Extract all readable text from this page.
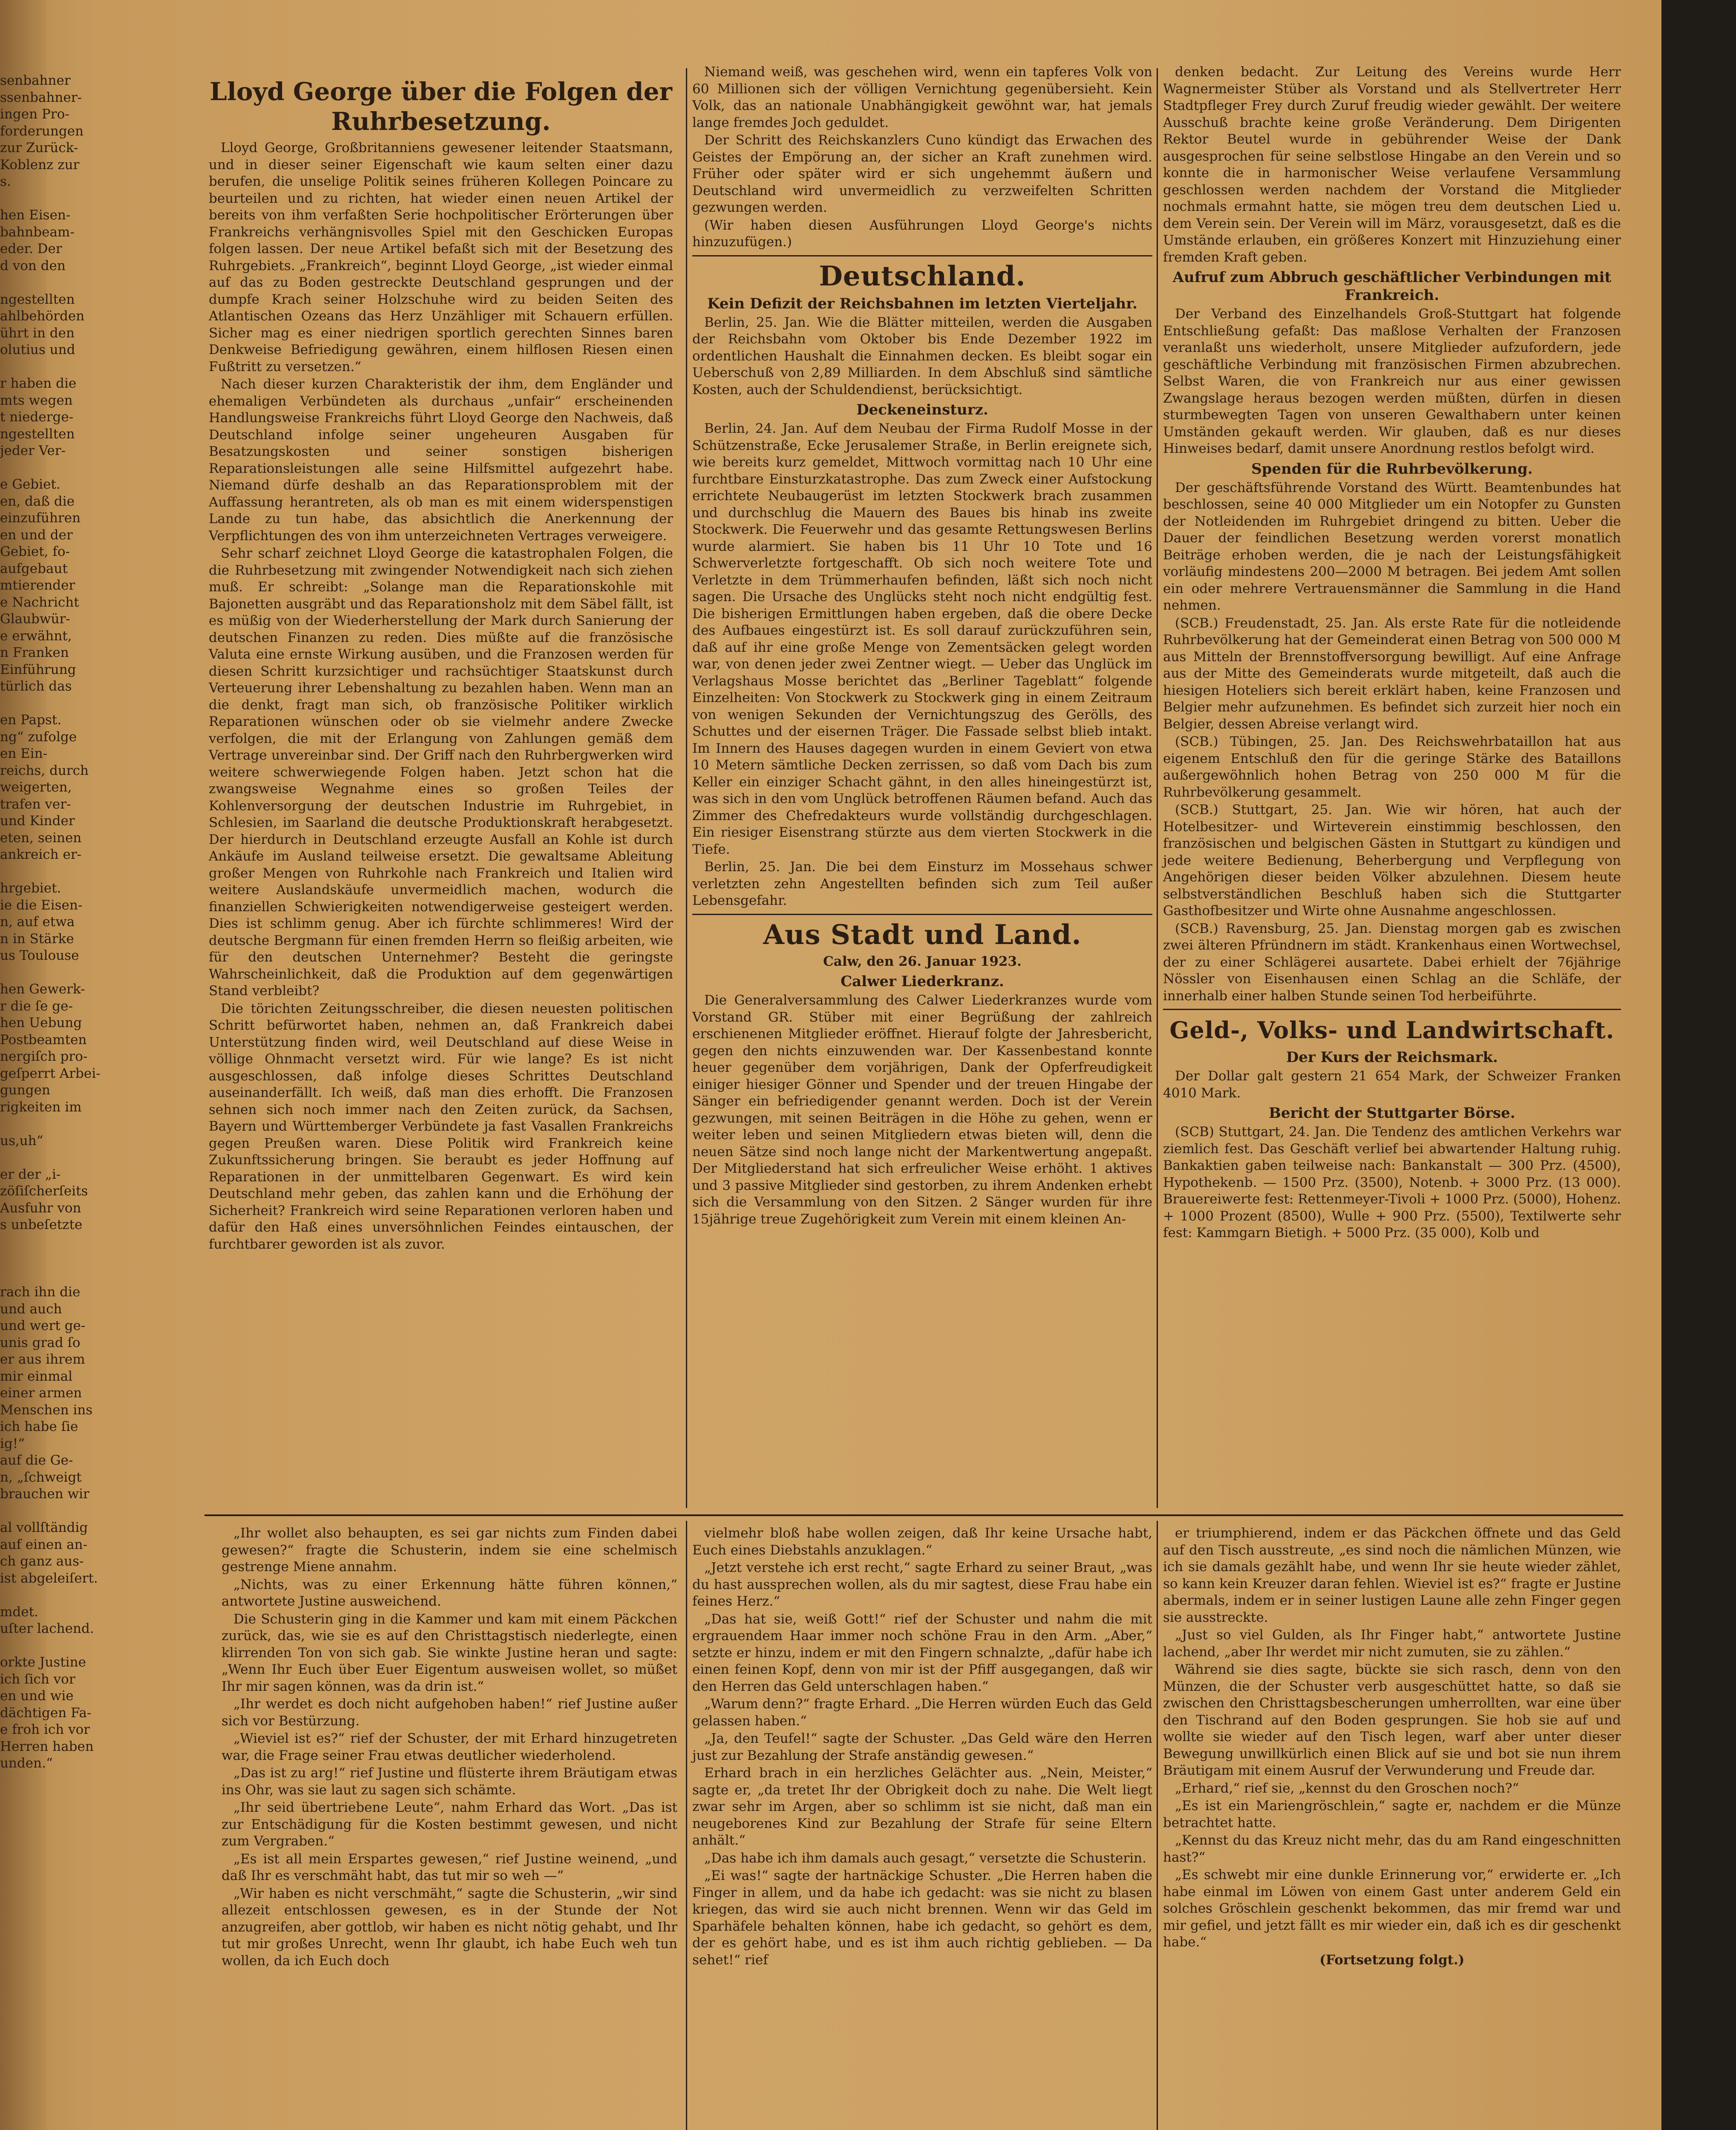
senbahner
ssenbahner-
ingen Pro-
forderungen
zur Zurück-
Koblenz zur
s.

hen Eisen-
bahnbeam-
eder. Der
d von den

ngestellten
ahlbehörden
ührt in den
olutius und

r haben die
mts wegen
t niederge-
ngestellten
jeder Ver-

e Gebiet.
en, daß die
einzuführen
en und der
Gebiet, fo-
aufgebaut
mtierender
e Nachricht
Glaubwür-
e erwähnt,
n Franken
Einführung
türlich das

en Papst.
ng“ zufolge
en Ein-
reichs, durch
weigerten,
trafen ver-
und Kinder
eten, seinen
ankreich er-

hrgebiet.
ie die Eisen-
n, auf etwa
n in Stärke
us Toulouse

hen Gewerk-
r die ſe ge-
hen Uebung
Postbeamten
nergiſch pro-
geſperrt Arbei-
gungen
rigkeiten im

us,uh“

er der „i-
zöſiſcherſeits
Ausfuhr von
s unbeſetzte

rach ihn die
und auch
und wert ge-
unis grad ſo
er aus ihrem
mir einmal
einer armen
Menschen ins
ich habe ſie
ig!“
auf die Ge-
n, „ſchweigt
brauchen wir

al vollſtändig
auf einen an-
ch ganz aus-
ist abgeleiſert.

mdet.
uſter lachend.

orkte Justine
ich ſich vor
en und wie
dächtigen Fa-
e froh ich vor
Herren haben
unden.“
Lloyd George über die Folgen der Ruhrbesetzung.

Lloyd George, Großbritanniens gewesener leitender Staatsmann, und in dieser seiner Eigenschaft wie kaum selten einer dazu berufen, die unselige Politik seines früheren Kollegen Poincare zu beurteilen und zu richten, hat wieder einen neuen Artikel der bereits von ihm verfaßten Serie hochpolitischer Erörterungen über Frankreichs verhängnisvolles Spiel mit den Geschicken Europas folgen lassen. Der neue Artikel befaßt sich mit der Besetzung des Ruhrgebiets. „Frankreich“, beginnt Lloyd George, „ist wieder einmal auf das zu Boden gestreckte Deutschland gesprungen und der dumpfe Krach seiner Holzschuhe wird zu beiden Seiten des Atlantischen Ozeans das Herz Unzähliger mit Schauern erfüllen. Sicher mag es einer niedrigen sportlich gerechten Sinnes baren Denkweise Befriedigung gewähren, einem hilflosen Riesen einen Fußtritt zu versetzen.“

Nach dieser kurzen Charakteristik der ihm, dem Engländer und ehemaligen Verbündeten als durchaus „unfair“ erscheinenden Handlungsweise Frankreichs führt Lloyd George den Nachweis, daß Deutschland infolge seiner ungeheuren Ausgaben für Besatzungskosten und seiner sonstigen bisherigen Reparationsleistungen alle seine Hilfsmittel aufgezehrt habe. Niemand dürfe deshalb an das Reparationsproblem mit der Auffassung herantreten, als ob man es mit einem widerspenstigen Lande zu tun habe, das absichtlich die Anerkennung der Verpflichtungen des von ihm unterzeichneten Vertrages verweigere.

Sehr scharf zeichnet Lloyd George die katastrophalen Folgen, die die Ruhrbesetzung mit zwingender Notwendigkeit nach sich ziehen muß. Er schreibt: „Solange man die Reparationskohle mit Bajonetten ausgräbt und das Reparationsholz mit dem Säbel fällt, ist es müßig von der Wiederherstellung der Mark durch Sanierung der deutschen Finanzen zu reden. Dies müßte auf die französische Valuta eine ernste Wirkung ausüben, und die Franzosen werden für diesen Schritt kurzsichtiger und rachsüchtiger Staatskunst durch Verteuerung ihrer Lebenshaltung zu bezahlen haben. Wenn man an die denkt, fragt man sich, ob französische Politiker wirklich Reparationen wünschen oder ob sie vielmehr andere Zwecke verfolgen, die mit der Erlangung von Zahlungen gemäß dem Vertrage unvereinbar sind. Der Griff nach den Ruhrbergwerken wird weitere schwerwiegende Folgen haben. Jetzt schon hat die zwangsweise Wegnahme eines so großen Teiles der Kohlenversorgung der deutschen Industrie im Ruhrgebiet, in Schlesien, im Saarland die deutsche Produktionskraft herabgesetzt. Der hierdurch in Deutschland erzeugte Ausfall an Kohle ist durch Ankäufe im Ausland teilweise ersetzt. Die gewaltsame Ableitung großer Mengen von Ruhrkohle nach Frankreich und Italien wird weitere Auslandskäufe unvermeidlich machen, wodurch die finanziellen Schwierigkeiten notwendigerweise gesteigert werden. Dies ist schlimm genug. Aber ich fürchte schlimmeres! Wird der deutsche Bergmann für einen fremden Herrn so fleißig arbeiten, wie für den deutschen Unternehmer? Besteht die geringste Wahrscheinlichkeit, daß die Produktion auf dem gegenwärtigen Stand verbleibt?

Die törichten Zeitungsschreiber, die diesen neuesten politischen Schritt befürwortet haben, nehmen an, daß Frankreich dabei Unterstützung finden wird, weil Deutschland auf diese Weise in völlige Ohnmacht versetzt wird. Für wie lange? Es ist nicht ausgeschlossen, daß infolge dieses Schrittes Deutschland auseinanderfällt. Ich weiß, daß man dies erhofft. Die Franzosen sehnen sich noch immer nach den Zeiten zurück, da Sachsen, Bayern und Württemberger Verbündete ja fast Vasallen Frankreichs gegen Preußen waren. Diese Politik wird Frankreich keine Zukunftssicherung bringen. Sie beraubt es jeder Hoffnung auf Reparationen in der unmittelbaren Gegenwart. Es wird kein Deutschland mehr geben, das zahlen kann und die Erhöhung der Sicherheit? Frankreich wird seine Reparationen verloren haben und dafür den Haß eines unversöhnlichen Feindes eintauschen, der furchtbarer geworden ist als zuvor.

Niemand weiß, was geschehen wird, wenn ein tapferes Volk von 60 Millionen sich der völligen Vernichtung gegenübersieht. Kein Volk, das an nationale Unabhängigkeit gewöhnt war, hat jemals lange fremdes Joch geduldet.

Der Schritt des Reichskanzlers Cuno kündigt das Erwachen des Geistes der Empörung an, der sicher an Kraft zunehmen wird. Früher oder später wird er sich ungehemmt äußern und Deutschland wird unvermeidlich zu verzweifelten Schritten gezwungen werden.

(Wir haben diesen Ausführungen Lloyd George's nichts hinzuzufügen.)

Deutschland.
Kein Defizit der Reichsbahnen im letzten Vierteljahr.

Berlin, 25. Jan. Wie die Blätter mitteilen, werden die Ausgaben der Reichsbahn vom Oktober bis Ende Dezember 1922 im ordentlichen Haushalt die Einnahmen decken. Es bleibt sogar ein Ueberschuß von 2,89 Milliarden. In dem Abschluß sind sämtliche Kosten, auch der Schuldendienst, berücksichtigt.

Deckeneinsturz.

Berlin, 24. Jan. Auf dem Neubau der Firma Rudolf Mosse in der Schützenstraße, Ecke Jerusalemer Straße, in Berlin ereignete sich, wie bereits kurz gemeldet, Mittwoch vormittag nach 10 Uhr eine furchtbare Einsturzkatastrophe. Das zum Zweck einer Aufstockung errichtete Neubaugerüst im letzten Stockwerk brach zusammen und durchschlug die Mauern des Baues bis hinab ins zweite Stockwerk. Die Feuerwehr und das gesamte Rettungswesen Berlins wurde alarmiert. Sie haben bis 11 Uhr 10 Tote und 16 Schwerverletzte fortgeschafft. Ob sich noch weitere Tote und Verletzte in dem Trümmerhaufen befinden, läßt sich noch nicht sagen. Die Ursache des Unglücks steht noch nicht endgültig fest. Die bisherigen Ermittlungen haben ergeben, daß die obere Decke des Aufbaues eingestürzt ist. Es soll darauf zurückzuführen sein, daß auf ihr eine große Menge von Zementsäcken gelegt worden war, von denen jeder zwei Zentner wiegt. — Ueber das Unglück im Verlagshaus Mosse berichtet das „Berliner Tageblatt“ folgende Einzelheiten: Von Stockwerk zu Stockwerk ging in einem Zeitraum von wenigen Sekunden der Vernichtungszug des Gerölls, des Schuttes und der eisernen Träger. Die Fassade selbst blieb intakt. Im Innern des Hauses dagegen wurden in einem Geviert von etwa 10 Metern sämtliche Decken zerrissen, so daß vom Dach bis zum Keller ein einziger Schacht gähnt, in den alles hineingestürzt ist, was sich in den vom Unglück betroffenen Räumen befand. Auch das Zimmer des Chefredakteurs wurde vollständig durchgeschlagen. Ein riesiger Eisenstrang stürzte aus dem vierten Stockwerk in die Tiefe.

Berlin, 25. Jan. Die bei dem Einsturz im Mossehaus schwer verletzten zehn Angestellten befinden sich zum Teil außer Lebensgefahr.

Aus Stadt und Land.

Calw, den 26. Januar 1923.

Calwer Liederkranz.

Die Generalversammlung des Calwer Liederkranzes wurde vom Vorstand GR. Stüber mit einer Begrüßung der zahlreich erschienenen Mitglieder eröffnet. Hierauf folgte der Jahresbericht, gegen den nichts einzuwenden war. Der Kassenbestand konnte heuer gegenüber dem vorjährigen, Dank der Opferfreudigkeit einiger hiesiger Gönner und Spender und der treuen Hingabe der Sänger ein befriedigender genannt werden. Doch ist der Verein gezwungen, mit seinen Beiträgen in die Höhe zu gehen, wenn er weiter leben und seinen Mitgliedern etwas bieten will, denn die neuen Sätze sind noch lange nicht der Markentwertung angepaßt. Der Mitgliederstand hat sich erfreulicher Weise erhöht. 1 aktives und 3 passive Mitglieder sind gestorben, zu ihrem Andenken erhebt sich die Versammlung von den Sitzen. 2 Sänger wurden für ihre 15jährige treue Zugehörigkeit zum Verein mit einem kleinen An-

denken bedacht. Zur Leitung des Vereins wurde Herr Wagnermeister Stüber als Vorstand und als Stellvertreter Herr Stadtpfleger Frey durch Zuruf freudig wieder gewählt. Der weitere Ausschuß brachte keine große Veränderung. Dem Dirigenten Rektor Beutel wurde in gebührender Weise der Dank ausgesprochen für seine selbstlose Hingabe an den Verein und so konnte die in harmonischer Weise verlaufene Versammlung geschlossen werden nachdem der Vorstand die Mitglieder nochmals ermahnt hatte, sie mögen treu dem deutschen Lied u. dem Verein sein. Der Verein will im März, vorausgesetzt, daß es die Umstände erlauben, ein größeres Konzert mit Hinzuziehung einer fremden Kraft geben.

Aufruf zum Abbruch geschäftlicher Verbindungen mit Frankreich.

Der Verband des Einzelhandels Groß-Stuttgart hat folgende Entschließung gefaßt: Das maßlose Verhalten der Franzosen veranlaßt uns wiederholt, unsere Mitglieder aufzufordern, jede geschäftliche Verbindung mit französischen Firmen abzubrechen. Selbst Waren, die von Frankreich nur aus einer gewissen Zwangslage heraus bezogen werden müßten, dürfen in diesen sturmbewegten Tagen von unseren Gewalthabern unter keinen Umständen gekauft werden. Wir glauben, daß es nur dieses Hinweises bedarf, damit unsere Anordnung restlos befolgt wird.

Spenden für die Ruhrbevölkerung.

Der geschäftsführende Vorstand des Württ. Beamtenbundes hat beschlossen, seine 40 000 Mitglieder um ein Notopfer zu Gunsten der Notleidenden im Ruhrgebiet dringend zu bitten. Ueber die Dauer der feindlichen Besetzung werden vorerst monatlich Beiträge erhoben werden, die je nach der Leistungsfähigkeit vorläufig mindestens 200—2000 M betragen. Bei jedem Amt sollen ein oder mehrere Vertrauensmänner die Sammlung in die Hand nehmen.

(SCB.) Freudenstadt, 25. Jan. Als erste Rate für die notleidende Ruhrbevölkerung hat der Gemeinderat einen Betrag von 500 000 M aus Mitteln der Brennstoffversorgung bewilligt. Auf eine Anfrage aus der Mitte des Gemeinderats wurde mitgeteilt, daß auch die hiesigen Hoteliers sich bereit erklärt haben, keine Franzosen und Belgier mehr aufzunehmen. Es befindet sich zurzeit hier noch ein Belgier, dessen Abreise verlangt wird.

(SCB.) Tübingen, 25. Jan. Des Reichswehrbataillon hat aus eigenem Entschluß den für die geringe Stärke des Bataillons außergewöhnlich hohen Betrag von 250 000 M für die Ruhrbevölkerung gesammelt.

(SCB.) Stuttgart, 25. Jan. Wie wir hören, hat auch der Hotelbesitzer- und Wirteverein einstimmig beschlossen, den französischen und belgischen Gästen in Stuttgart zu kündigen und jede weitere Bedienung, Beherbergung und Verpflegung von Angehörigen dieser beiden Völker abzulehnen. Diesem heute selbstverständlichen Beschluß haben sich die Stuttgarter Gasthofbesitzer und Wirte ohne Ausnahme angeschlossen.

(SCB.) Ravensburg, 25. Jan. Dienstag morgen gab es zwischen zwei älteren Pfründnern im städt. Krankenhaus einen Wortwechsel, der zu einer Schlägerei ausartete. Dabei erhielt der 76jährige Nössler von Eisenhausen einen Schlag an die Schläfe, der innerhalb einer halben Stunde seinen Tod herbeiführte.

Geld-, Volks- und Landwirtschaft.
Der Kurs der Reichsmark.

Der Dollar galt gestern 21 654 Mark, der Schweizer Franken 4010 Mark.

Bericht der Stuttgarter Börse.

(SCB) Stuttgart, 24. Jan. Die Tendenz des amtlichen Verkehrs war ziemlich fest. Das Geschäft verlief bei abwartender Haltung ruhig. Bankaktien gaben teilweise nach: Bankanstalt — 300 Prz. (4500), Hypothekenb. — 1500 Prz. (3500), Notenb. + 3000 Prz. (13 000). Brauereiwerte fest: Rettenmeyer-Tivoli + 1000 Prz. (5000), Hohenz. + 1000 Prozent (8500), Wulle + 900 Prz. (5500), Textilwerte sehr fest: Kammgarn Bietigh. + 5000 Prz. (35 000), Kolb und

„Ihr wollet also behaupten, es sei gar nichts zum Finden dabei gewesen?“ fragte die Schusterin, indem sie eine schelmisch gestrenge Miene annahm.

„Nichts, was zu einer Erkennung hätte führen können,“ antwortete Justine ausweichend.

Die Schusterin ging in die Kammer und kam mit einem Päckchen zurück, das, wie sie es auf den Christtagstisch niederlegte, einen klirrenden Ton von sich gab. Sie winkte Justine heran und sagte: „Wenn Ihr Euch über Euer Eigentum ausweisen wollet, so müßet Ihr mir sagen können, was da drin ist.“

„Ihr werdet es doch nicht aufgehoben haben!“ rief Justine außer sich vor Bestürzung.

„Wieviel ist es?“ rief der Schuster, der mit Erhard hinzugetreten war, die Frage seiner Frau etwas deutlicher wiederholend.

„Das ist zu arg!“ rief Justine und flüsterte ihrem Bräutigam etwas ins Ohr, was sie laut zu sagen sich schämte.

„Ihr seid übertriebene Leute“, nahm Erhard das Wort. „Das ist zur Entschädigung für die Kosten bestimmt gewesen, und nicht zum Vergraben.“

„Es ist all mein Erspartes gewesen,“ rief Justine weinend, „und daß Ihr es verschmäht habt, das tut mir so weh —“

„Wir haben es nicht verschmäht,“ sagte die Schusterin, „wir sind allezeit entschlossen gewesen, es in der Stunde der Not anzugreifen, aber gottlob, wir haben es nicht nötig gehabt, und Ihr tut mir großes Unrecht, wenn Ihr glaubt, ich habe Euch weh tun wollen, da ich Euch doch

vielmehr bloß habe wollen zeigen, daß Ihr keine Ursache habt, Euch eines Diebstahls anzuklagen.“

„Jetzt verstehe ich erst recht,“ sagte Erhard zu seiner Braut, „was du hast aussprechen wollen, als du mir sagtest, diese Frau habe ein feines Herz.“

„Das hat sie, weiß Gott!“ rief der Schuster und nahm die mit ergrauendem Haar immer noch schöne Frau in den Arm. „Aber,“ setzte er hinzu, indem er mit den Fingern schnalzte, „dafür habe ich einen feinen Kopf, denn von mir ist der Pfiff ausgegangen, daß wir den Herren das Geld unterschlagen haben.“

„Warum denn?“ fragte Erhard. „Die Herren würden Euch das Geld gelassen haben.“

„Ja, den Teufel!“ sagte der Schuster. „Das Geld wäre den Herren just zur Bezahlung der Strafe anständig gewesen.“

Erhard brach in ein herzliches Gelächter aus. „Nein, Meister,“ sagte er, „da tretet Ihr der Obrigkeit doch zu nahe. Die Welt liegt zwar sehr im Argen, aber so schlimm ist sie nicht, daß man ein neugeborenes Kind zur Bezahlung der Strafe für seine Eltern anhält.“

„Das habe ich ihm damals auch gesagt,“ versetzte die Schusterin.

„Ei was!“ sagte der hartnäckige Schuster. „Die Herren haben die Finger in allem, und da habe ich gedacht: was sie nicht zu blasen kriegen, das wird sie auch nicht brennen. Wenn wir das Geld im Sparhäfele behalten können, habe ich gedacht, so gehört es dem, der es gehört habe, und es ist ihm auch richtig geblieben. — Da sehet!“ rief

er triumphierend, indem er das Päckchen öffnete und das Geld auf den Tisch ausstreute, „es sind noch die nämlichen Münzen, wie ich sie damals gezählt habe, und wenn Ihr sie heute wieder zählet, so kann kein Kreuzer daran fehlen. Wieviel ist es?“ fragte er Justine abermals, indem er in seiner lustigen Laune alle zehn Finger gegen sie ausstreckte.

„Just so viel Gulden, als Ihr Finger habt,“ antwortete Justine lachend, „aber Ihr werdet mir nicht zumuten, sie zu zählen.“

Während sie dies sagte, bückte sie sich rasch, denn von den Münzen, die der Schuster verb ausgeschüttet hatte, so daß sie zwischen den Christtagsbescherungen umherrollten, war eine über den Tischrand auf den Boden gesprungen. Sie hob sie auf und wollte sie wieder auf den Tisch legen, warf aber unter dieser Bewegung unwillkürlich einen Blick auf sie und bot sie nun ihrem Bräutigam mit einem Ausruf der Verwunderung und Freude dar.

„Erhard,“ rief sie, „kennst du den Groschen noch?“

„Es ist ein Mariengröschlein,“ sagte er, nachdem er die Münze betrachtet hatte.

„Kennst du das Kreuz nicht mehr, das du am Rand eingeschnitten hast?“

„Es schwebt mir eine dunkle Erinnerung vor,“ erwiderte er. „Ich habe einmal im Löwen von einem Gast unter anderem Geld ein solches Gröschlein geschenkt bekommen, das mir fremd war und mir gefiel, und jetzt fällt es mir wieder ein, daß ich es dir geschenkt habe.“

(Fortsetzung folgt.)
